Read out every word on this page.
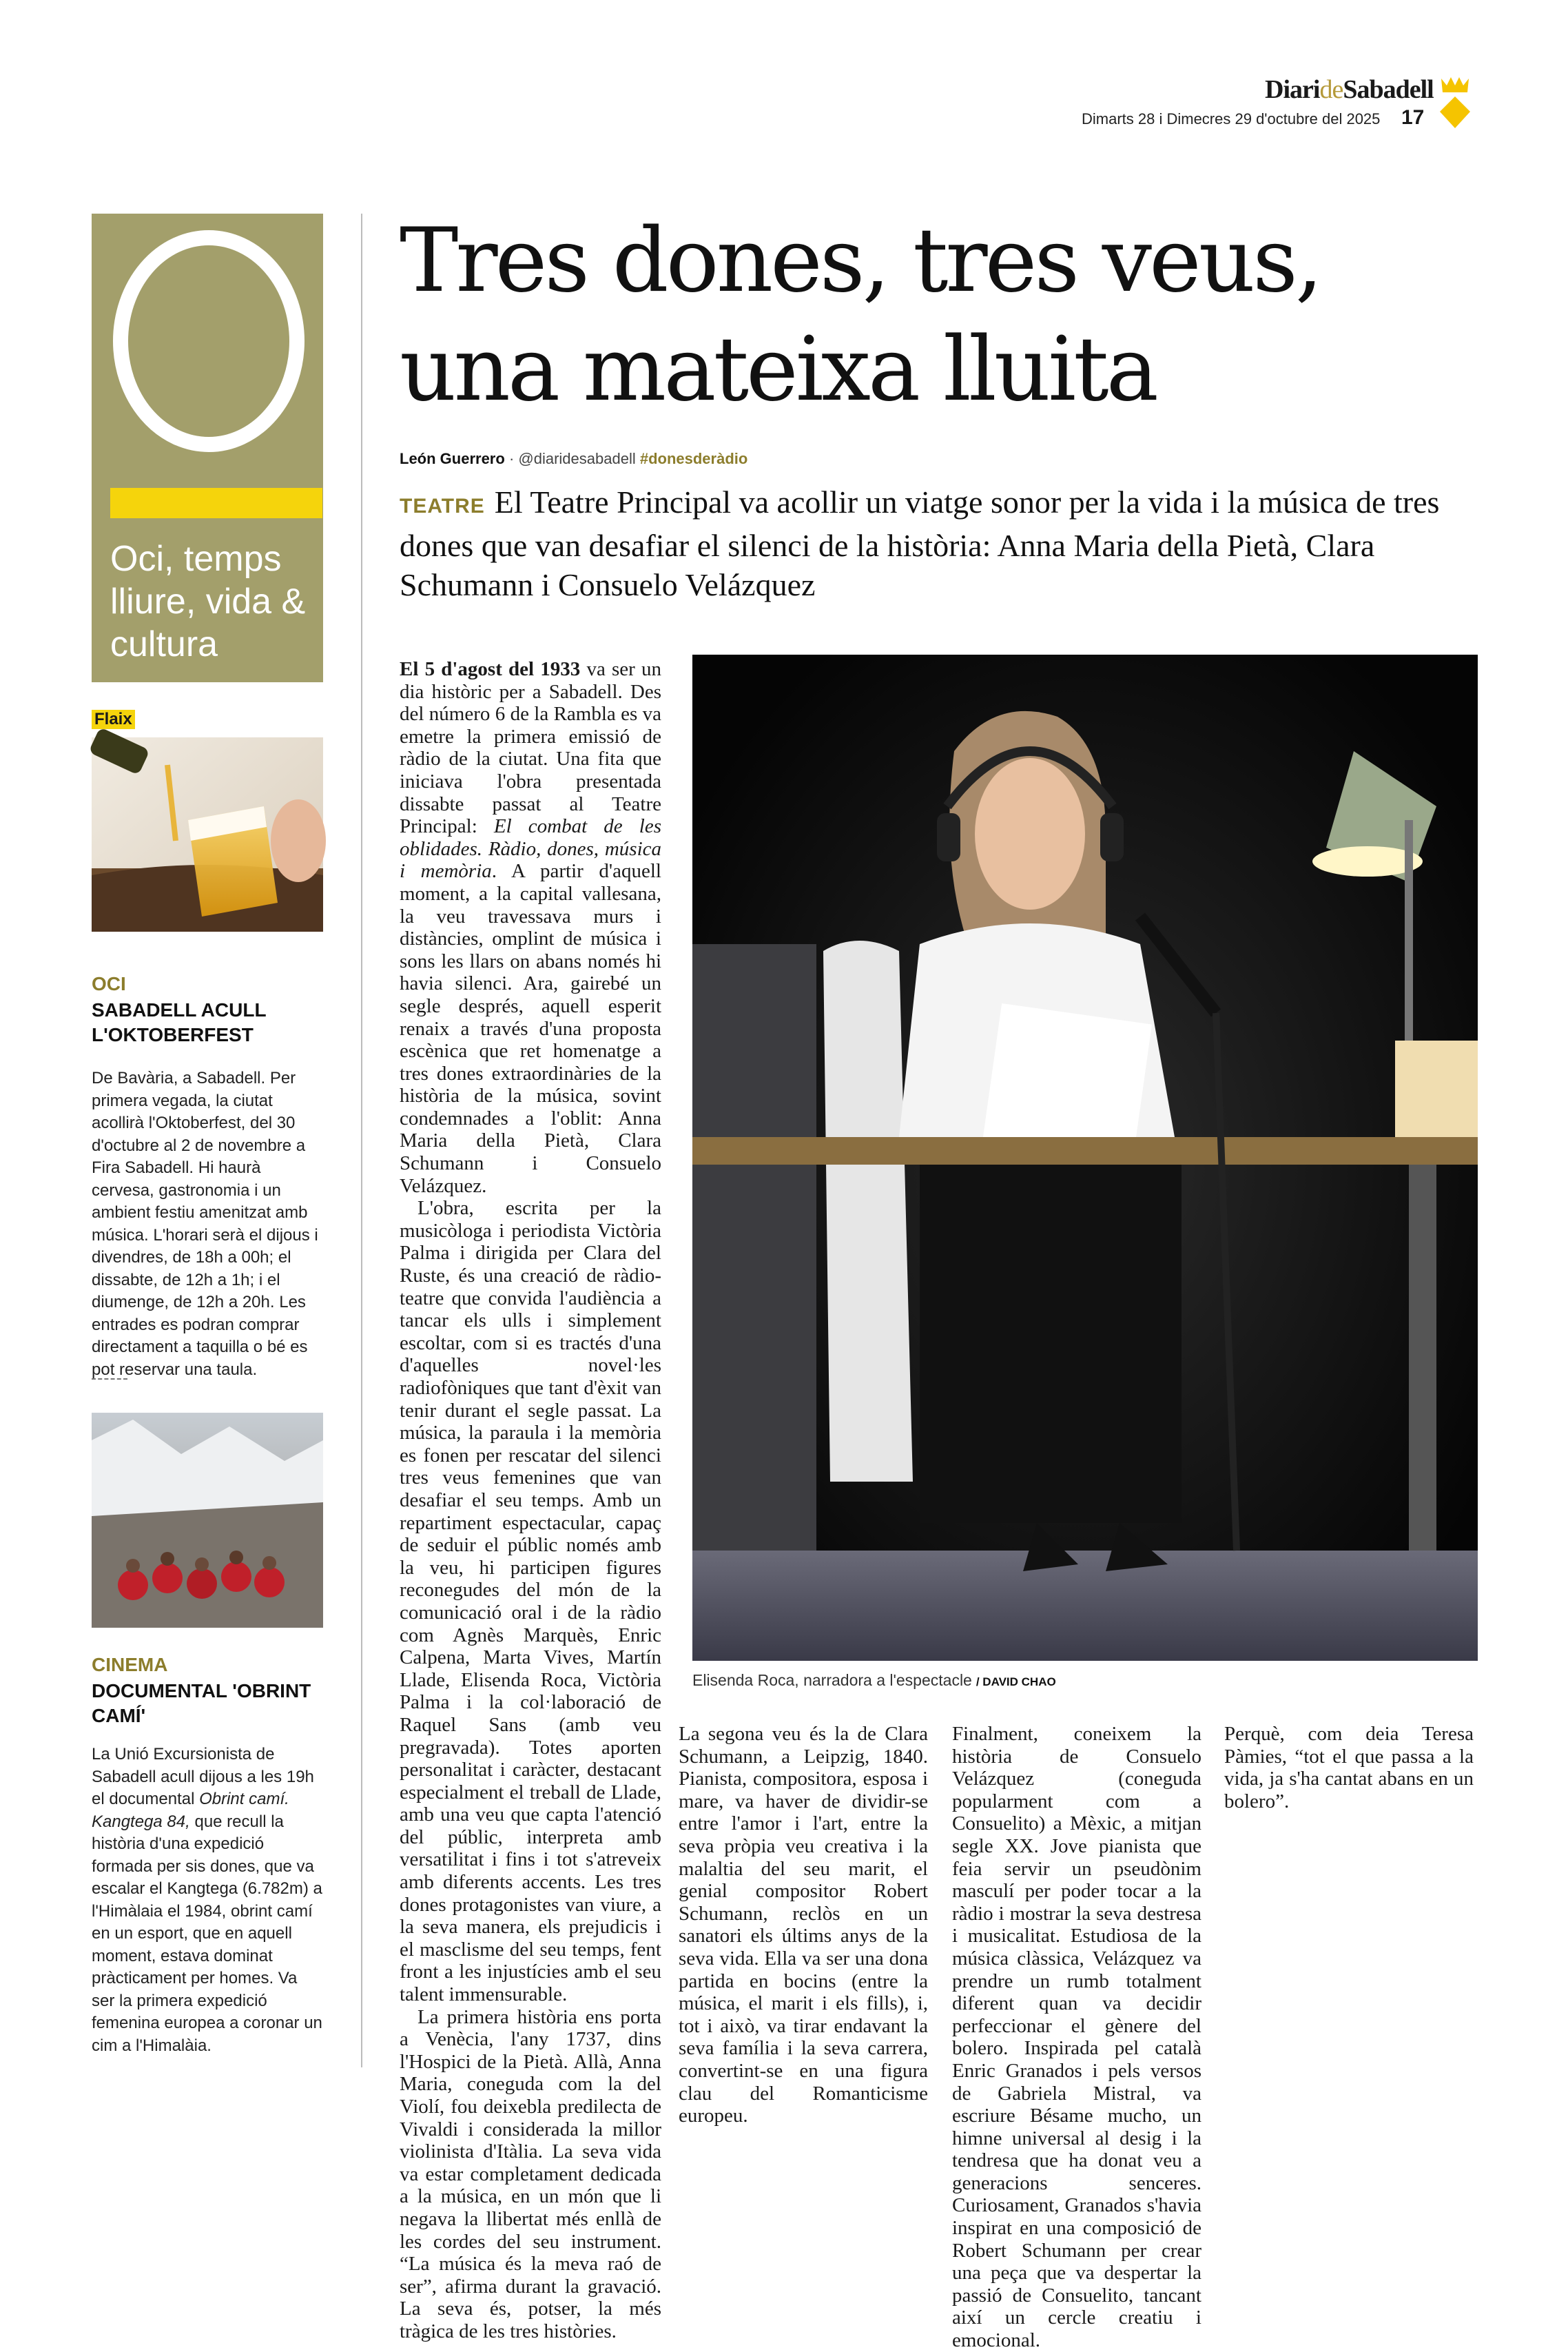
DiarideSabadell
Dimarts 28 i Dimecres 29 d'octubre del 2025 17
Oci, temps lliure, vida & cultura
Flaix
OCI
SABADELL ACULL L'OKTOBERFEST
De Bavària, a Sabadell. Per primera vegada, la ciutat acollirà l'Oktoberfest, del 30 d'octubre al 2 de novembre a Fira Sabadell. Hi haurà cervesa, gastronomia i un ambient festiu amenitzat amb música. L'horari serà el dijous i divendres, de 18h a 00h; el dissabte, de 12h a 1h; i el diumenge, de 12h a 20h. Les entrades es podran comprar directament a taquilla o bé es pot reservar una taula.
CINEMA
DOCUMENTAL 'OBRINT CAMÍ'
La Unió Excursionista de Sabadell acull dijous a les 19h el documental Obrint camí. Kangtega 84, que recull la història d'una expedició formada per sis dones, que va escalar el Kangtega (6.782m) a l'Himàlaia el 1984, obrint camí en un esport, que en aquell moment, estava dominat pràcticament per homes. Va ser la primera expedició femenina europea a coronar un cim a l'Himalàia.
Tres dones, tres veus, una mateixa lluita
León Guerrero · @diaridesabadell #donesderàdio
TEATRE El Teatre Principal va acollir un viatge sonor per la vida i la música de tres dones que van desafiar el silenci de la història: Anna Maria della Pietà, Clara Schumann i Consuelo Velázquez

El 5 d'agost del 1933 va ser un dia històric per a Sabadell. Des del número 6 de la Rambla es va emetre la primera emissió de ràdio de la ciutat. Una fita que iniciava l'obra presentada dissabte passat al Teatre Principal: El combat de les oblidades. Ràdio, dones, música i memòria. A partir d'aquell moment, a la capital vallesana, la veu travessava murs i distàncies, omplint de música i sons les llars on abans només hi havia silenci. Ara, gairebé un segle després, aquell esperit renaix a través d'una proposta escènica que ret homenatge a tres dones extraordinàries de la història de la música, sovint condemnades a l'oblit: Anna Maria della Pietà, Clara Schumann i Consuelo Velázquez.

L'obra, escrita per la musicòloga i periodista Victòria Palma i dirigida per Clara del Ruste, és una creació de ràdio-teatre que convida l'audiència a tancar els ulls i simplement escoltar, com si es tractés d'una d'aquelles novel·les radiofòniques que tant d'èxit van tenir durant el segle passat. La música, la paraula i la memòria es fonen per rescatar del silenci tres veus femenines que van desafiar el seu temps. Amb un repartiment espectacular, capaç de seduir el públic només amb la veu, hi participen figures reconegudes del món de la comunicació oral i de la ràdio com Agnès Marquès, Enric Calpena, Marta Vives, Martín Llade, Elisenda Roca, Victòria Palma i la col·laboració de Raquel Sans (amb veu pregravada). Totes aporten personalitat i caràcter, destacant especialment el treball de Llade, amb una veu que capta l'atenció del públic, interpreta amb versatilitat i fins i tot s'atreveix amb diferents accents. Les tres dones protagonistes van viure, a la seva manera, els prejudicis i el masclisme del seu temps, fent front a les injustícies amb el seu talent immensurable.

La primera història ens porta a Venècia, l'any 1737, dins l'Hospici de la Pietà. Allà, Anna Maria, coneguda com la del Violí, fou deixebla predilecta de Vivaldi i considerada la millor violinista d'Itàlia. La seva vida va estar completament dedicada a la música, en un món que li negava la llibertat més enllà de les cordes del seu instrument. “La música és la meva raó de ser”, afirma durant la gravació. La seva és, potser, la més tràgica de les tres històries.

La segona veu és la de Clara Schumann, a Leipzig, 1840. Pianista, compositora, esposa i mare, va haver de dividir-se entre l'amor i l'art, entre la seva pròpia veu creativa i la malaltia del seu marit, el genial compositor Robert Schumann, reclòs en un sanatori els últims anys de la seva vida. Ella va ser una dona partida en bocins (entre la música, el marit i els fills), i, tot i això, va tirar endavant la seva família i la seva carrera, convertint-se en una figura clau del Romanticisme europeu.

Finalment, coneixem la història de Consuelo Velázquez (coneguda popularment com a Consuelito) a Mèxic, a mitjan segle XX. Jove pianista que feia servir un pseudònim masculí per poder tocar a la ràdio i mostrar la seva destresa i musicalitat. Estudiosa de la música clàssica, Velázquez va prendre un rumb totalment diferent quan va decidir perfeccionar el gènere del bolero. Inspirada pel català Enric Granados i pels versos de Gabriela Mistral, va escriure Bésame mucho, un himne universal al desig i la tendresa que ha donat veu a generacions senceres. Curiosament, Granados s'havia inspirat en una composició de Robert Schumann per crear una peça que va despertar la passió de Consuelito, tancant així un cercle creatiu i emocional.

Perquè, com deia Teresa Pàmies, “tot el que passa a la vida, ja s'ha cantat abans en un bolero”.

Elisenda Roca, narradora a l'espectacle / DAVID CHAO
